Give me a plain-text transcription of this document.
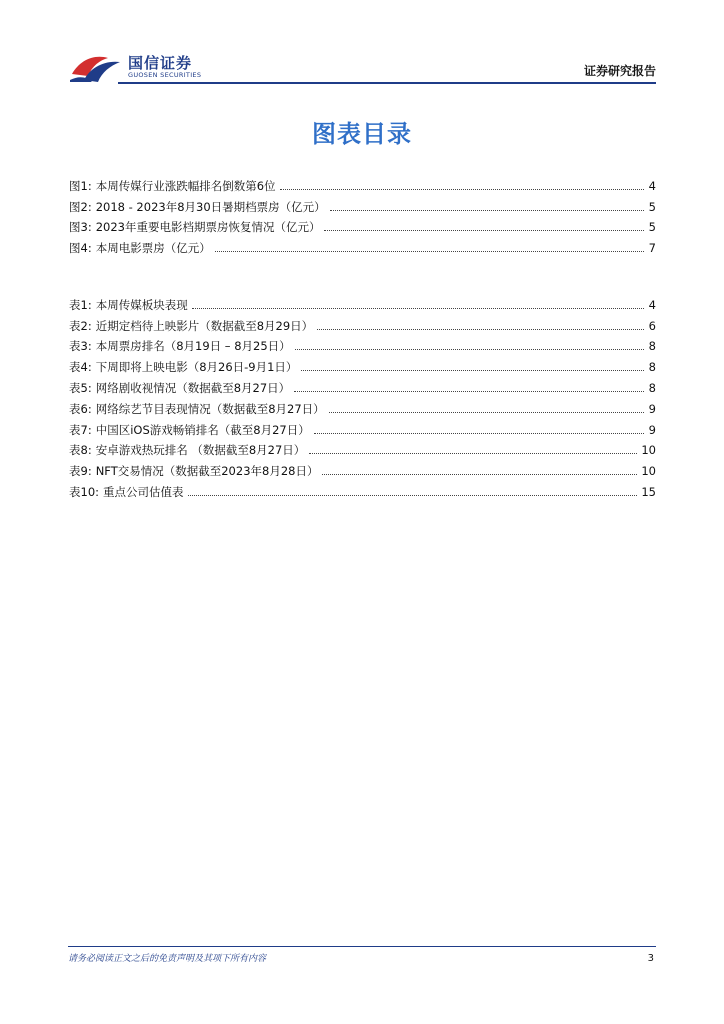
国信证券
GUOSEN SECURITIES	证券研究报告
图表目录
图1: 本周传媒行业涨跌幅排名倒数第6位	4
图2: 2018 - 2023年8月30日暑期档票房（亿元）	5
图3: 2023年重要电影档期票房恢复情况（亿元）	5
图4: 本周电影票房（亿元）	7
表1: 本周传媒板块表现	4
表2: 近期定档待上映影片（数据截至8月29日）	6
表3: 本周票房排名（8月19日 – 8月25日）	8
表4: 下周即将上映电影（8月26日-9月1日）	8
表5: 网络剧收视情况（数据截至8月27日）	8
表6: 网络综艺节目表现情况（数据截至8月27日）	9
表7: 中国区iOS游戏畅销排名（截至8月27日）	9
表8: 安卓游戏热玩排名 （数据截至8月27日）	10
表9: NFT交易情况（数据截至2023年8月28日）	10
表10: 重点公司估值表	15
请务必阅读正文之后的免责声明及其项下所有内容	3
